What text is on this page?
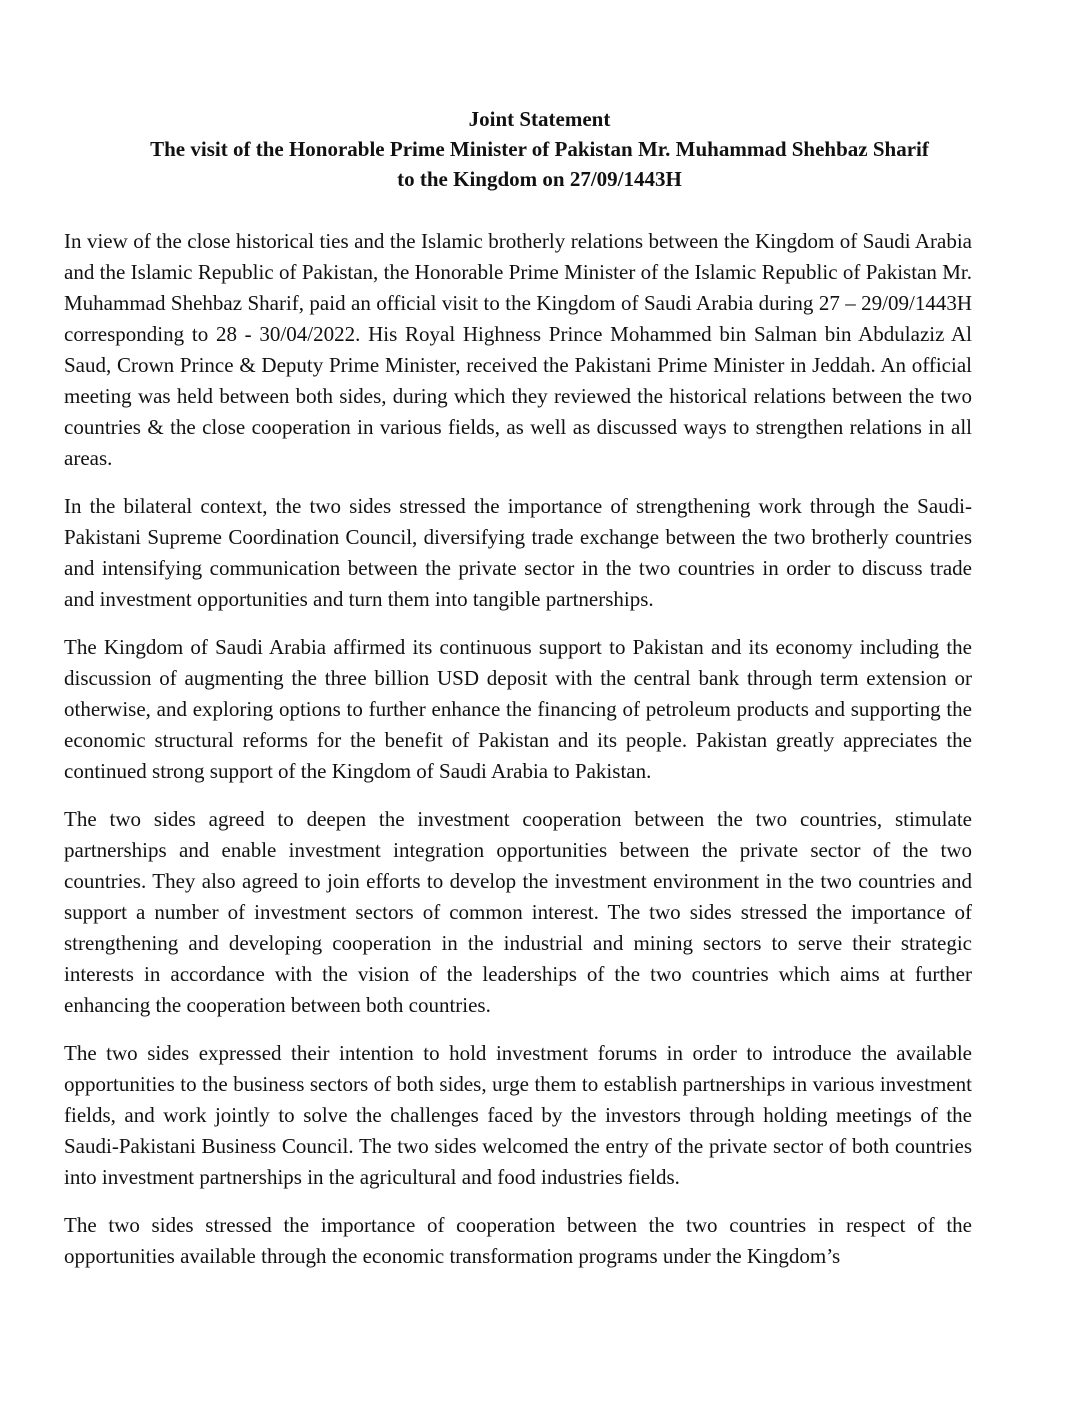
Joint Statement
The visit of the Honorable Prime Minister of Pakistan Mr. Muhammad Shehbaz Sharif
to the Kingdom on 27/09/1443H

In view of the close historical ties and the Islamic brotherly relations between the Kingdom of Saudi Arabia and the Islamic Republic of Pakistan, the Honorable Prime Minister of the Islamic Republic of Pakistan Mr. Muhammad Shehbaz Sharif, paid an official visit to the Kingdom of Saudi Arabia during 27 – 29/09/1443H corresponding to 28 - 30/04/2022. His Royal Highness Prince Mohammed bin Salman bin Abdulaziz Al Saud, Crown Prince & Deputy Prime Minister, received the Pakistani Prime Minister in Jeddah. An official meeting was held between both sides, during which they reviewed the historical relations between the two countries & the close cooperation in various fields, as well as discussed ways to strengthen relations in all areas.

In the bilateral context, the two sides stressed the importance of strengthening work through the Saudi-Pakistani Supreme Coordination Council, diversifying trade exchange between the two brotherly countries and intensifying communication between the private sector in the two countries in order to discuss trade and investment opportunities and turn them into tangible partnerships.

The Kingdom of Saudi Arabia affirmed its continuous support to Pakistan and its economy including the discussion of augmenting the three billion USD deposit with the central bank through term extension or otherwise, and exploring options to further enhance the financing of petroleum products and supporting the economic structural reforms for the benefit of Pakistan and its people. Pakistan greatly appreciates the continued strong support of the Kingdom of Saudi Arabia to Pakistan.

The two sides agreed to deepen the investment cooperation between the two countries, stimulate partnerships and enable investment integration opportunities between the private sector of the two countries. They also agreed to join efforts to develop the investment environment in the two countries and support a number of investment sectors of common interest. The two sides stressed the importance of strengthening and developing cooperation in the industrial and mining sectors to serve their strategic interests in accordance with the vision of the leaderships of the two countries which aims at further enhancing the cooperation between both countries.

The two sides expressed their intention to hold investment forums in order to introduce the available opportunities to the business sectors of both sides, urge them to establish partnerships in various investment fields, and work jointly to solve the challenges faced by the investors through holding meetings of the Saudi-Pakistani Business Council. The two sides welcomed the entry of the private sector of both countries into investment partnerships in the agricultural and food industries fields.

The two sides stressed the importance of cooperation between the two countries in respect of the opportunities available through the economic transformation programs under the Kingdom’s
